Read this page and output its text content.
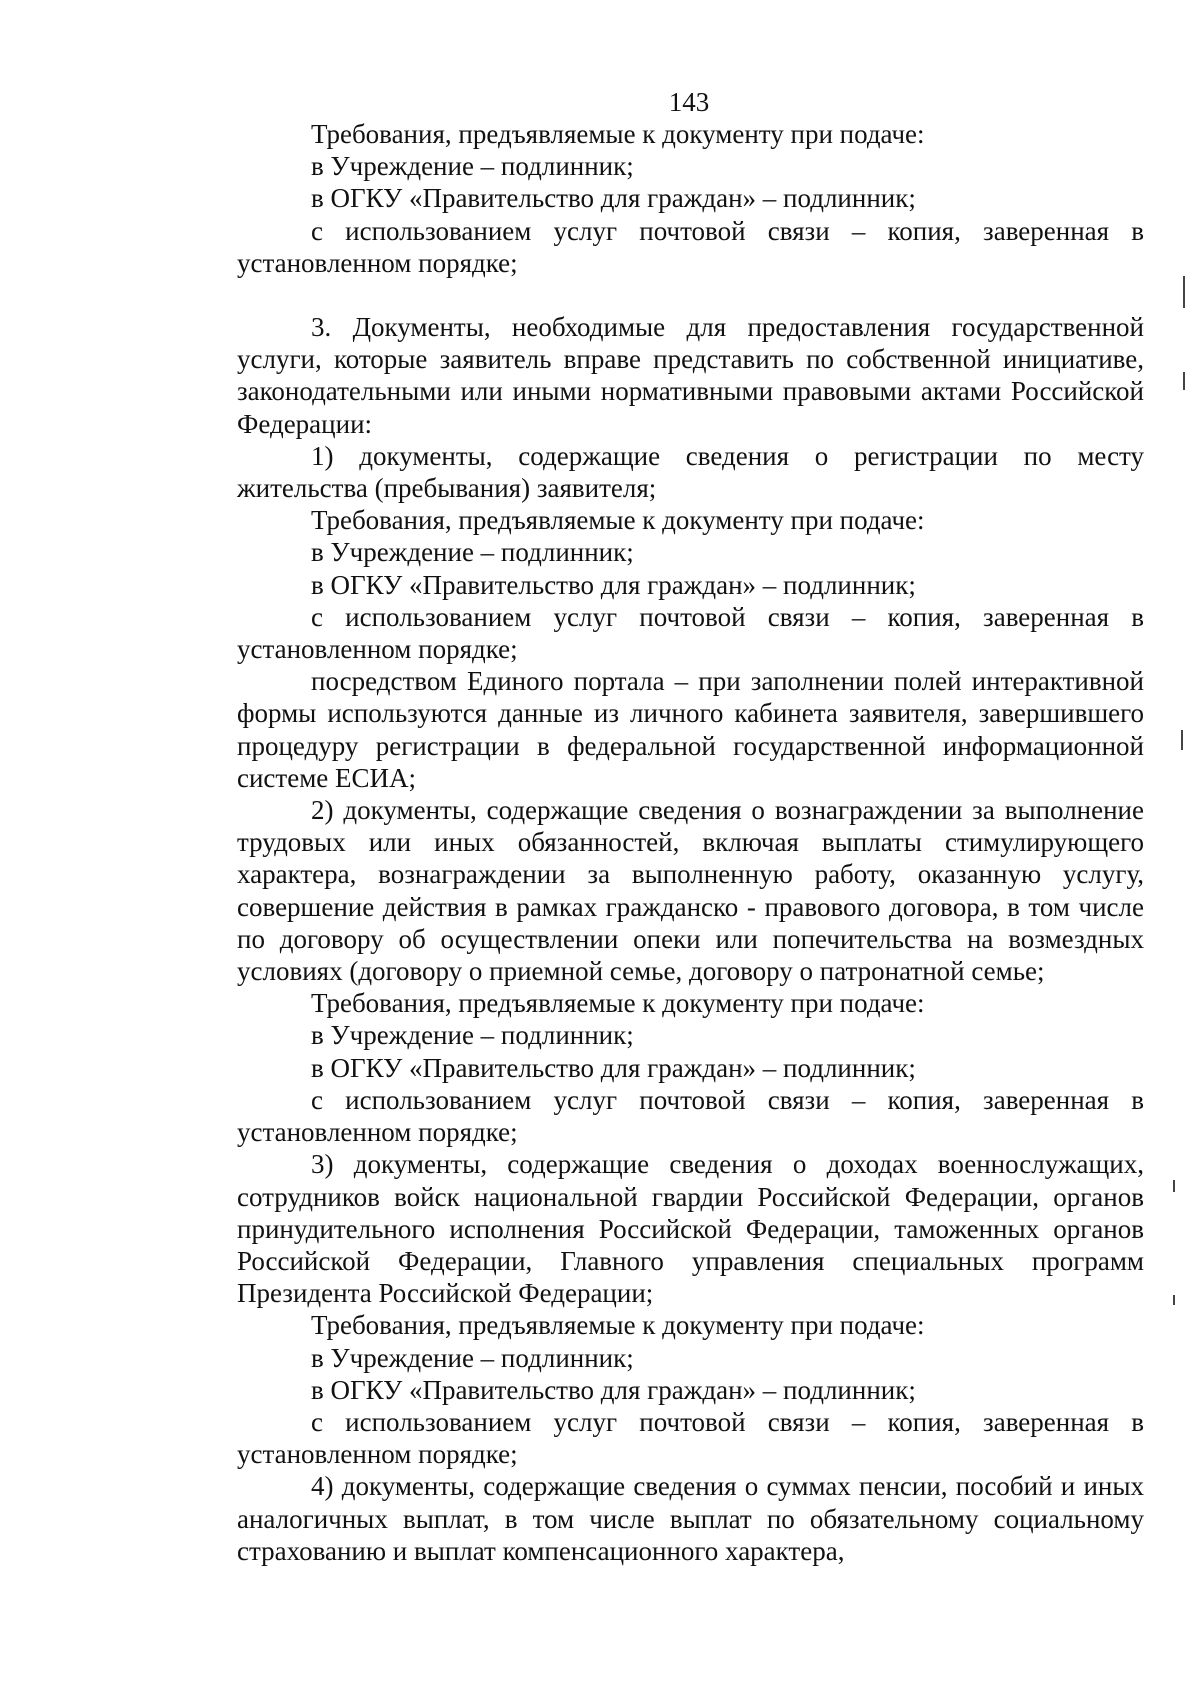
143

Требования, предъявляемые к документу при подаче:

в Учреждение – подлинник;

в ОГКУ «Правительство для граждан» – подлинник;

с использованием услуг почтовой связи – копия, заверенная в установленном порядке;

3. Документы, необходимые для предоставления государственной услуги, которые заявитель вправе представить по собственной инициативе, законодательными или иными нормативными правовыми актами Российской Федерации:

1) документы, содержащие сведения о регистрации по месту жительства (пребывания) заявителя;

Требования, предъявляемые к документу при подаче:

в Учреждение – подлинник;

в ОГКУ «Правительство для граждан» – подлинник;

с использованием услуг почтовой связи – копия, заверенная в установленном порядке;

посредством Единого портала – при заполнении полей интерактивной формы используются данные из личного кабинета заявителя, завершившего процедуру регистрации в федеральной государственной информационной системе ЕСИА;

2) документы, содержащие сведения о вознаграждении за выполнение трудовых или иных обязанностей, включая выплаты стимулирующего характера, вознаграждении за выполненную работу, оказанную услугу, совершение действия в рамках гражданско - правового договора, в том числе по договору об осуществлении опеки или попечительства на возмездных условиях (договору о приемной семье, договору о патронатной семье;

Требования, предъявляемые к документу при подаче:

в Учреждение – подлинник;

в ОГКУ «Правительство для граждан» – подлинник;

с использованием услуг почтовой связи – копия, заверенная в установленном порядке;

3) документы, содержащие сведения о доходах военнослужащих, сотрудников войск национальной гвардии Российской Федерации, органов принудительного исполнения Российской Федерации, таможенных органов Российской Федерации, Главного управления специальных программ Президента Российской Федерации;

Требования, предъявляемые к документу при подаче:

в Учреждение – подлинник;

в ОГКУ «Правительство для граждан» – подлинник;

с использованием услуг почтовой связи – копия, заверенная в установленном порядке;

4) документы, содержащие сведения о суммах пенсии, пособий и иных аналогичных выплат, в том числе выплат по обязательному социальному страхованию и выплат компенсационного характера,
